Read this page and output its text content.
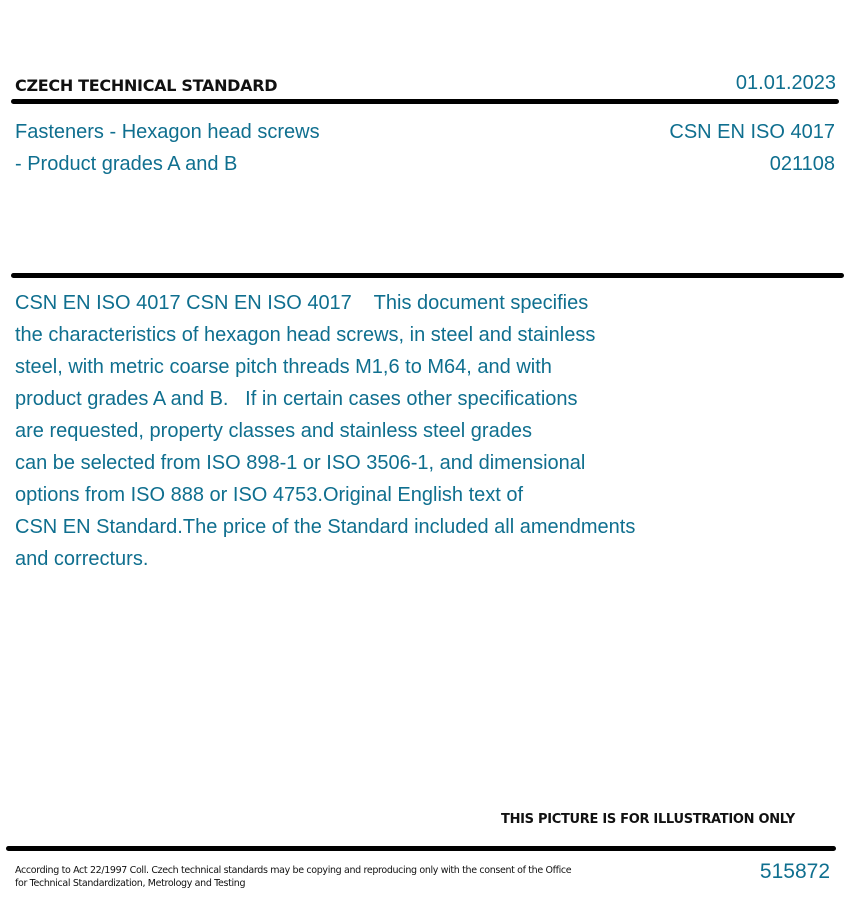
CZECH TECHNICAL STANDARD	01.01.2023
Fasteners - Hexagon head screws
- Product grades A and B
CSN EN ISO 4017
021108
CSN EN ISO 4017 CSN EN ISO 4017    This document specifies
the characteristics of hexagon head screws, in steel and stainless
steel, with metric coarse pitch threads M1,6 to M64, and with
product grades A and B.   If in certain cases other specifications
are requested, property classes and stainless steel grades
can be selected from ISO 898-1 or ISO 3506-1, and dimensional
options from ISO 888 or ISO 4753.Original English text of
CSN EN Standard.The price of the Standard included all amendments
and correcturs.
THIS PICTURE IS FOR ILLUSTRATION ONLY
According to Act 22/1997 Coll. Czech technical standards may be copying and reproducing only with the consent of the Office
for Technical Standardization, Metrology and Testing
515872
